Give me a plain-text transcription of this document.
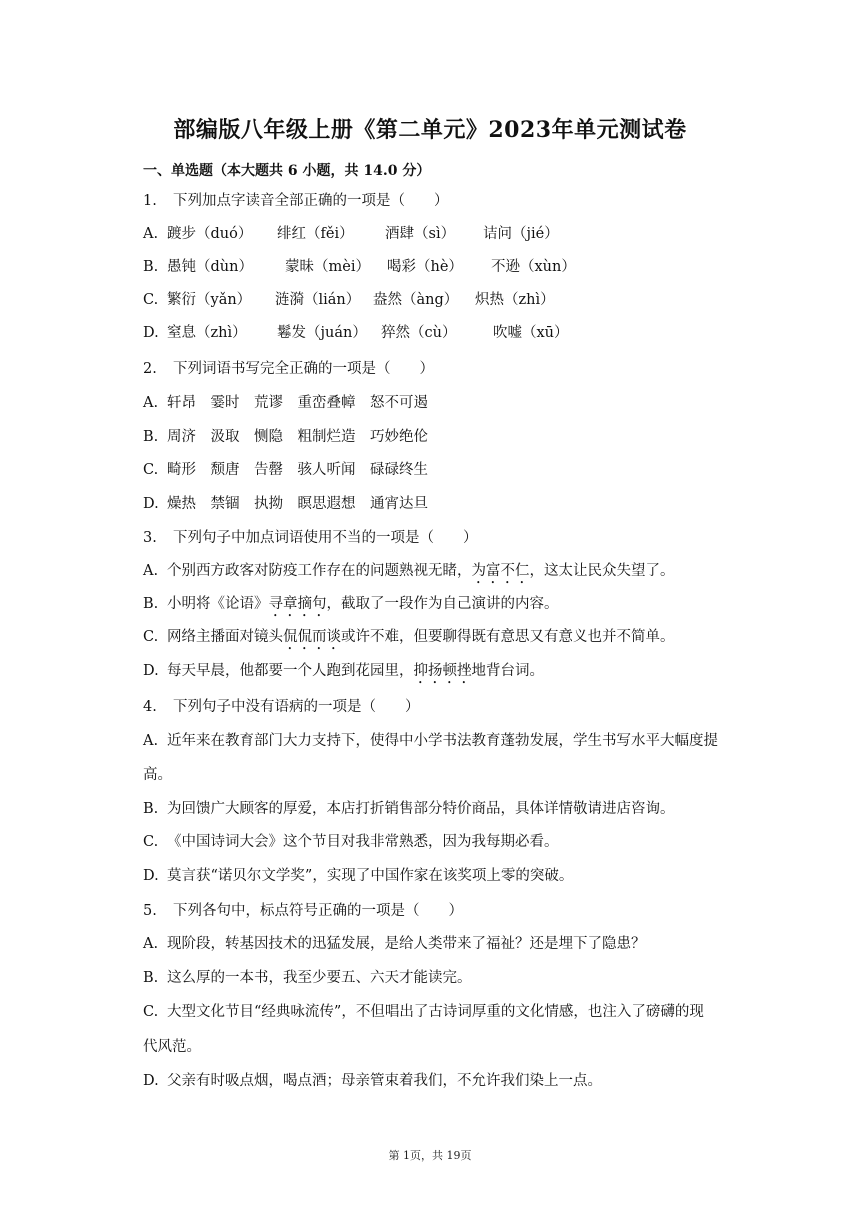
部编版八年级上册《第二单元》2023年单元测试卷
一、单选题（本大题共 6 小题，共 14.0 分）
1. 下列加点字读音全部正确的一项是（　　）
A. 踱步（duó） 绯红（fěi） 酒肆（sì） 诘问（jié）
B. 愚钝（dùn） 蒙昧（mèi） 喝彩（hè） 不逊（xùn）
C. 繁衍（yǎn） 涟漪（lián） 盎然（àng） 炽热（zhì）
D. 窒息（zhì） 鬈发（juán） 猝然（cù）	吹嘘（xū）
2. 下列词语书写完全正确的一项是（　　）
A. 轩昂　霎时　荒谬　重峦叠幛　怒不可遏
B. 周济　汲取　恻隐　粗制烂造　巧妙绝伦
C. 畸形　颓唐　告罄　骇人听闻　碌碌终生
D. 燥热　禁锢　执拗　瞑思遐想　通宵达旦
3. 下列句子中加点词语使用不当的一项是（　　）
A. 个别西方政客对防疫工作存在的问题熟视无睹，为富不仁，这太让民众失望了。
B. 小明将《论语》寻章摘句，截取了一段作为自己演讲的内容。
C. 网络主播面对镜头侃侃而谈或许不难，但要聊得既有意思又有意义也并不简单。
D. 每天早晨，他都要一个人跑到花园里，抑扬顿挫地背台词。
4. 下列句子中没有语病的一项是（　　）
A. 近年来在教育部门大力支持下，使得中小学书法教育蓬勃发展，学生书写水平大幅度提
高。
B. 为回馈广大顾客的厚爱，本店打折销售部分特价商品，具体详情敬请进店咨询。
C. 《中国诗词大会》这个节目对我非常熟悉，因为我每期必看。
D. 莫言获“诺贝尔文学奖”，实现了中国作家在该奖项上零的突破。
5. 下列各句中，标点符号正确的一项是（　　）
A. 现阶段，转基因技术的迅猛发展，是给人类带来了福祉？还是埋下了隐患？
B. 这么厚的一本书，我至少要五、六天才能读完。
C. 大型文化节目“经典咏流传”，不但唱出了古诗词厚重的文化情感，也注入了磅礴的现
代风范。
D. 父亲有时吸点烟，喝点酒；母亲管束着我们，不允许我们染上一点。
第 1页，共 19页
